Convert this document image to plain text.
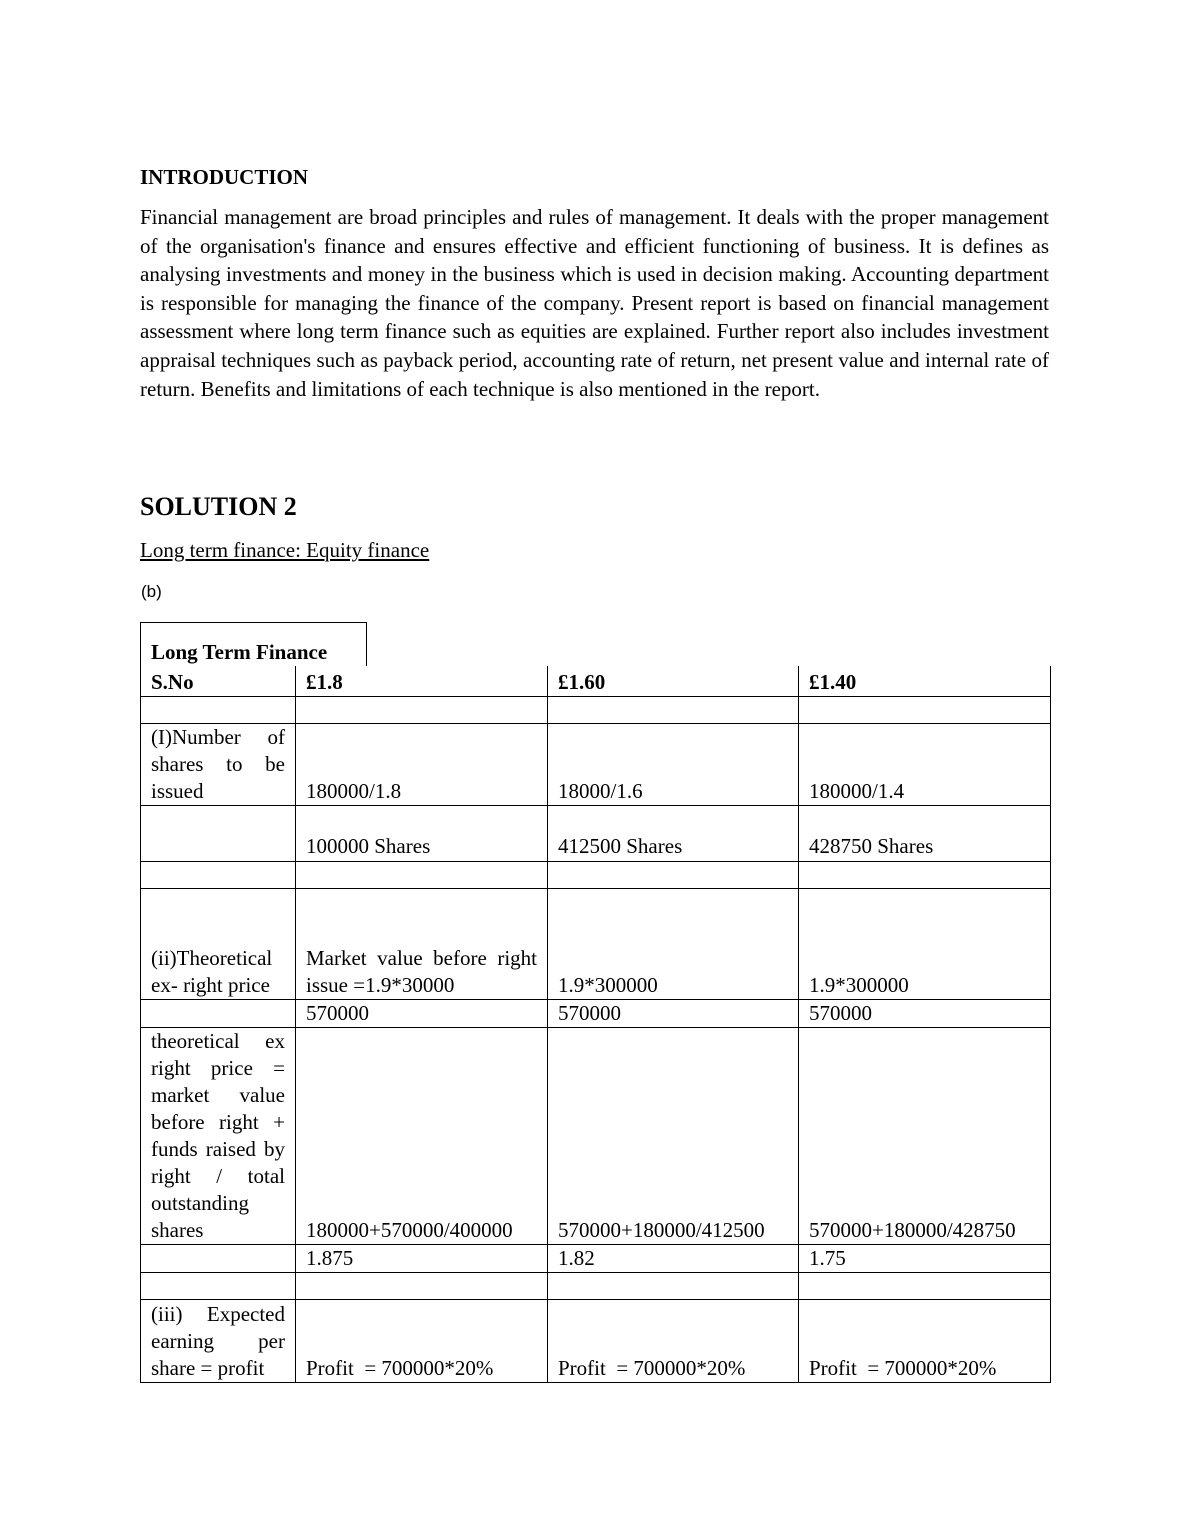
INTRODUCTION

Financial management are broad principles and rules of management. It deals with the proper management of the organisation's finance and ensures effective and efficient functioning of business. It is defines as analysing investments and money in the business which is used in decision making. Accounting department is responsible for managing the finance of the company. Present report is based on financial management assessment where long term finance such as equities are explained. Further report also includes investment appraisal techniques such as payback period, accounting rate of return, net present value and internal rate of return. Benefits and limitations of each technique is also mentioned in the report.

SOLUTION 2
Long term finance: Equity finance
(b)
Long Term Finance
S.No	£1.8	£1.60	£1.40

(I)Number of shares to be issued	180000/1.8	18000/1.6	180000/1.4
	100000 Shares	412500 Shares	428750 Shares

(ii)Theoretical ex- right price	Market value before right issue =1.9*30000	1.9*300000	1.9*300000
	570000	570000	570000
theoretical ex right price = market value before right + funds raised by right / total outstanding shares	180000+570000/400000	570000+180000/412500	570000+180000/428750
	1.875	1.82	1.75

(iii) Expected earning per share = profit	Profit  = 700000*20%	Profit  = 700000*20%	Profit  = 700000*20%
